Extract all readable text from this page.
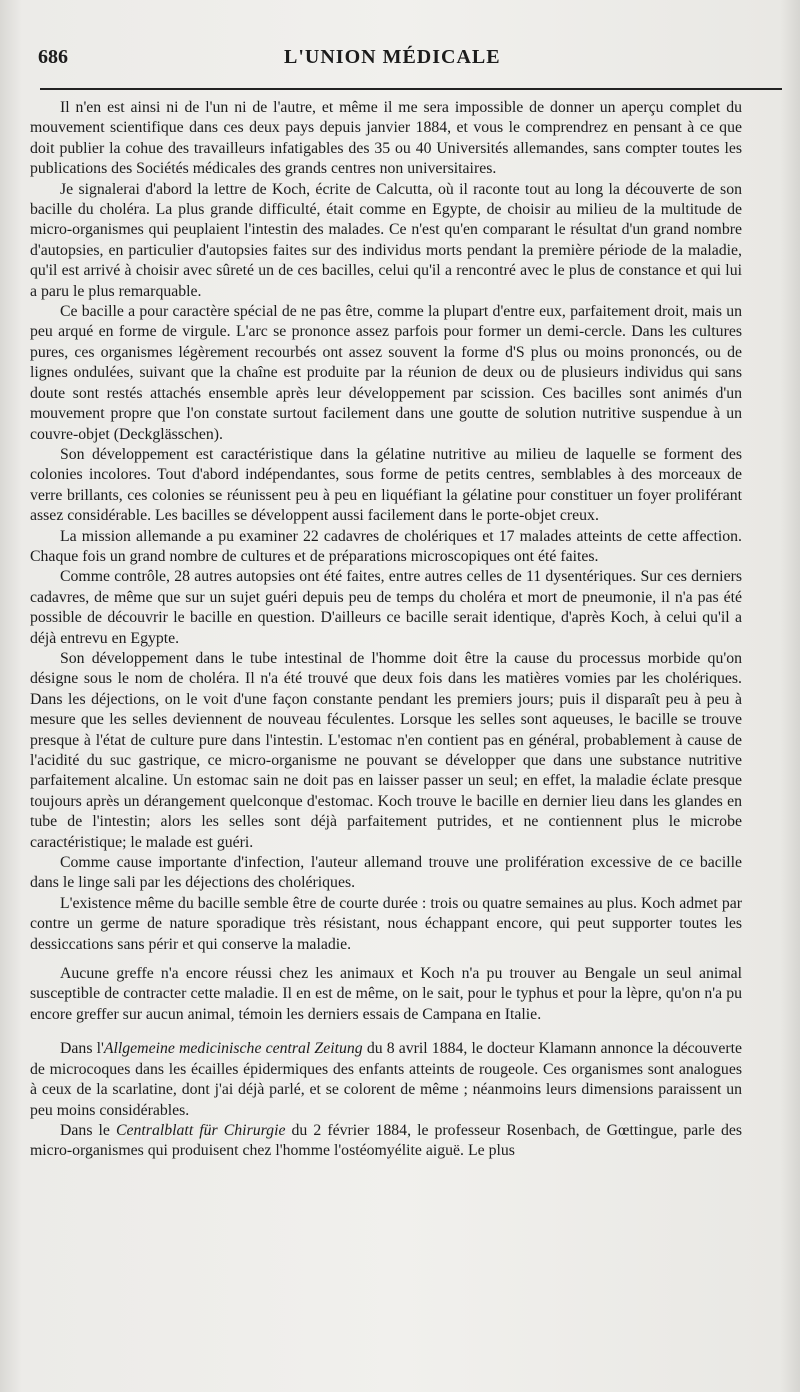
686	L'UNION MÉDICALE

Il n'en est ainsi ni de l'un ni de l'autre, et même il me sera impossible de donner un aperçu complet du mouvement scientifique dans ces deux pays depuis janvier 1884, et vous le comprendrez en pensant à ce que doit publier la cohue des travailleurs infatigables des 35 ou 40 Universités allemandes, sans compter toutes les publications des Sociétés médicales des grands centres non universitaires.

Je signalerai d'abord la lettre de Koch, écrite de Calcutta, où il raconte tout au long la découverte de son bacille du choléra. La plus grande difficulté, était comme en Egypte, de choisir au milieu de la multitude de micro-organismes qui peuplaient l'intestin des malades. Ce n'est qu'en comparant le résultat d'un grand nombre d'autopsies, en particulier d'autopsies faites sur des individus morts pendant la première période de la maladie, qu'il est arrivé à choisir avec sûreté un de ces bacilles, celui qu'il a rencontré avec le plus de constance et qui lui a paru le plus remarquable.

Ce bacille a pour caractère spécial de ne pas être, comme la plupart d'entre eux, parfaitement droit, mais un peu arqué en forme de virgule. L'arc se prononce assez parfois pour former un demi-cercle. Dans les cultures pures, ces organismes légèrement recourbés ont assez souvent la forme d'S plus ou moins prononcés, ou de lignes ondulées, suivant que la chaîne est produite par la réunion de deux ou de plusieurs individus qui sans doute sont restés attachés ensemble après leur développement par scission. Ces bacilles sont animés d'un mouvement propre que l'on constate surtout facilement dans une goutte de solution nutritive suspendue à un couvre-objet (Deckglässchen).

Son développement est caractéristique dans la gélatine nutritive au milieu de laquelle se forment des colonies incolores. Tout d'abord indépendantes, sous forme de petits centres, semblables à des morceaux de verre brillants, ces colonies se réunissent peu à peu en liquéfiant la gélatine pour constituer un foyer proliférant assez considérable. Les bacilles se développent aussi facilement dans le porte-objet creux.

La mission allemande a pu examiner 22 cadavres de cholériques et 17 malades atteints de cette affection. Chaque fois un grand nombre de cultures et de préparations microscopiques ont été faites.

Comme contrôle, 28 autres autopsies ont été faites, entre autres celles de 11 dysentériques. Sur ces derniers cadavres, de même que sur un sujet guéri depuis peu de temps du choléra et mort de pneumonie, il n'a pas été possible de découvrir le bacille en question. D'ailleurs ce bacille serait identique, d'après Koch, à celui qu'il a déjà entrevu en Egypte.

Son développement dans le tube intestinal de l'homme doit être la cause du processus morbide qu'on désigne sous le nom de choléra. Il n'a été trouvé que deux fois dans les matières vomies par les cholériques. Dans les déjections, on le voit d'une façon constante pendant les premiers jours; puis il disparaît peu à peu à mesure que les selles deviennent de nouveau féculentes. Lorsque les selles sont aqueuses, le bacille se trouve presque à l'état de culture pure dans l'intestin. L'estomac n'en contient pas en général, probablement à cause de l'acidité du suc gastrique, ce micro-organisme ne pouvant se développer que dans une substance nutritive parfaitement alcaline. Un estomac sain ne doit pas en laisser passer un seul; en effet, la maladie éclate presque toujours après un dérangement quelconque d'estomac. Koch trouve le bacille en dernier lieu dans les glandes en tube de l'intestin; alors les selles sont déjà parfaitement putrides, et ne contiennent plus le microbe caractéristique; le malade est guéri.

Comme cause importante d'infection, l'auteur allemand trouve une prolifération excessive de ce bacille dans le linge sali par les déjections des cholériques.

L'existence même du bacille semble être de courte durée : trois ou quatre semaines au plus. Koch admet par contre un germe de nature sporadique très résistant, nous échappant encore, qui peut supporter toutes les dessiccations sans périr et qui conserve la maladie.

Aucune greffe n'a encore réussi chez les animaux et Koch n'a pu trouver au Bengale un seul animal susceptible de contracter cette maladie. Il en est de même, on le sait, pour le typhus et pour la lèpre, qu'on n'a pu encore greffer sur aucun animal, témoin les derniers essais de Campana en Italie.

Dans l'Allgemeine medicinische central Zeitung du 8 avril 1884, le docteur Klamann annonce la découverte de microcoques dans les écailles épidermiques des enfants atteints de rougeole. Ces organismes sont analogues à ceux de la scarlatine, dont j'ai déjà parlé, et se colorent de même ; néanmoins leurs dimensions paraissent un peu moins considérables.

Dans le Centralblatt für Chirurgie du 2 février 1884, le professeur Rosenbach, de Gœttingue, parle des micro-organismes qui produisent chez l'homme l'ostéomyélite aiguë. Le plus
